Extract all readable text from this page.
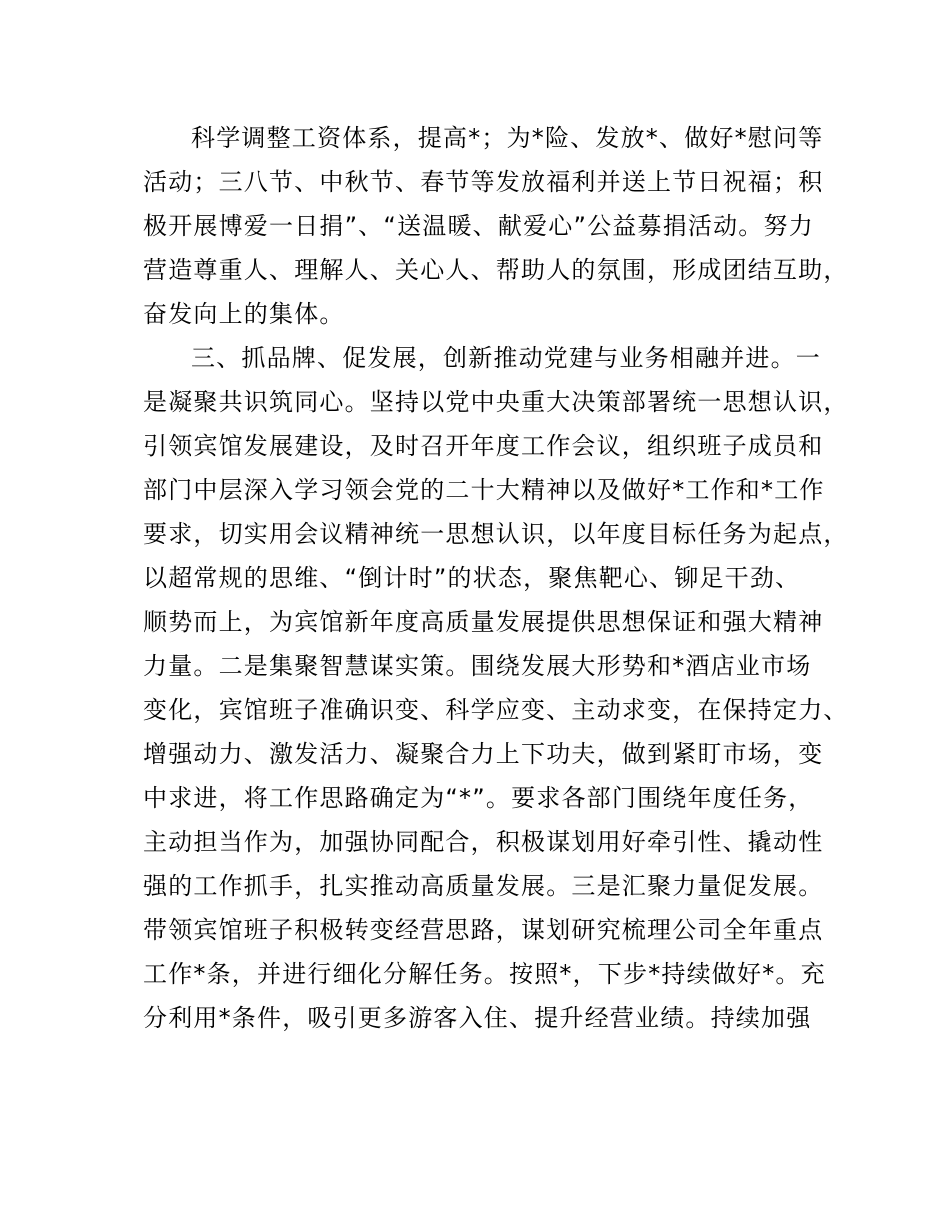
科学调整工资体系，提高*；为*险、发放*、做好*慰问等
活动；三八节、中秋节、春节等发放福利并送上节日祝福；积
极开展博爱一日捐”、“送温暖、献爱心”公益募捐活动。努力
营造尊重人、理解人、关心人、帮助人的氛围，形成团结互助，
奋发向上的集体。
三、抓品牌、促发展，创新推动党建与业务相融并进。一
是凝聚共识筑同心。坚持以党中央重大决策部署统一思想认识，
引领宾馆发展建设，及时召开年度工作会议，组织班子成员和
部门中层深入学习领会党的二十大精神以及做好*工作和*工作
要求，切实用会议精神统一思想认识，以年度目标任务为起点，
以超常规的思维、“倒计时”的状态，聚焦靶心、铆足干劲、
顺势而上，为宾馆新年度高质量发展提供思想保证和强大精神
力量。二是集聚智慧谋实策。围绕发展大形势和*酒店业市场
变化，宾馆班子准确识变、科学应变、主动求变，在保持定力、
增强动力、激发活力、凝聚合力上下功夫，做到紧盯市场，变
中求进，将工作思路确定为“*”。要求各部门围绕年度任务，
主动担当作为，加强协同配合，积极谋划用好牵引性、撬动性
强的工作抓手，扎实推动高质量发展。三是汇聚力量促发展。
带领宾馆班子积极转变经营思路，谋划研究梳理公司全年重点
工作*条，并进行细化分解任务。按照*，下步*持续做好*。充
分利用*条件，吸引更多游客入住、提升经营业绩。持续加强
